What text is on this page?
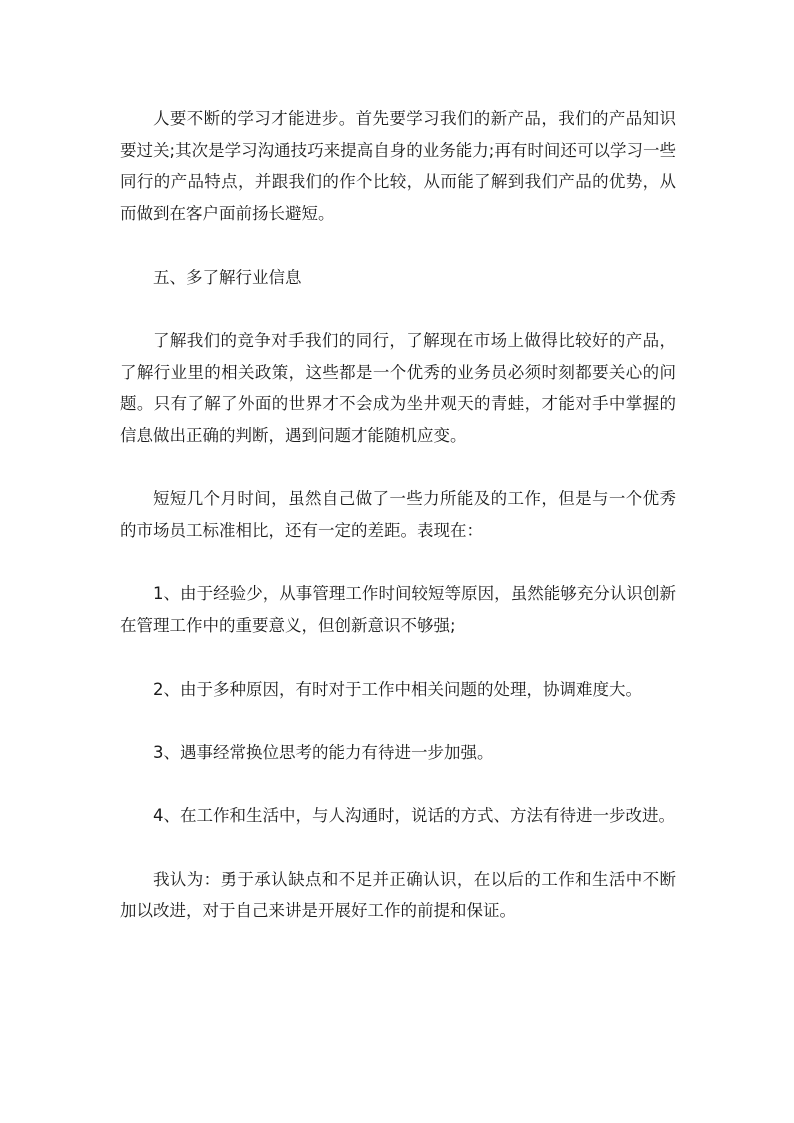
人要不断的学习才能进步。首先要学习我们的新产品，我们的产品知识要过关;其次是学习沟通技巧来提高自身的业务能力;再有时间还可以学习一些同行的产品特点，并跟我们的作个比较，从而能了解到我们产品的优势，从而做到在客户面前扬长避短。

五、多了解行业信息

了解我们的竞争对手我们的同行，了解现在市场上做得比较好的产品，了解行业里的相关政策，这些都是一个优秀的业务员必须时刻都要关心的问题。只有了解了外面的世界才不会成为坐井观天的青蛙，才能对手中掌握的信息做出正确的判断，遇到问题才能随机应变。

短短几个月时间，虽然自己做了一些力所能及的工作，但是与一个优秀的市场员工标准相比，还有一定的差距。表现在：

1、由于经验少，从事管理工作时间较短等原因，虽然能够充分认识创新在管理工作中的重要意义，但创新意识不够强;

2、由于多种原因，有时对于工作中相关问题的处理，协调难度大。

3、遇事经常换位思考的能力有待进一步加强。

4、在工作和生活中，与人沟通时，说话的方式、方法有待进一步改进。

我认为：勇于承认缺点和不足并正确认识，在以后的工作和生活中不断加以改进，对于自己来讲是开展好工作的前提和保证。
